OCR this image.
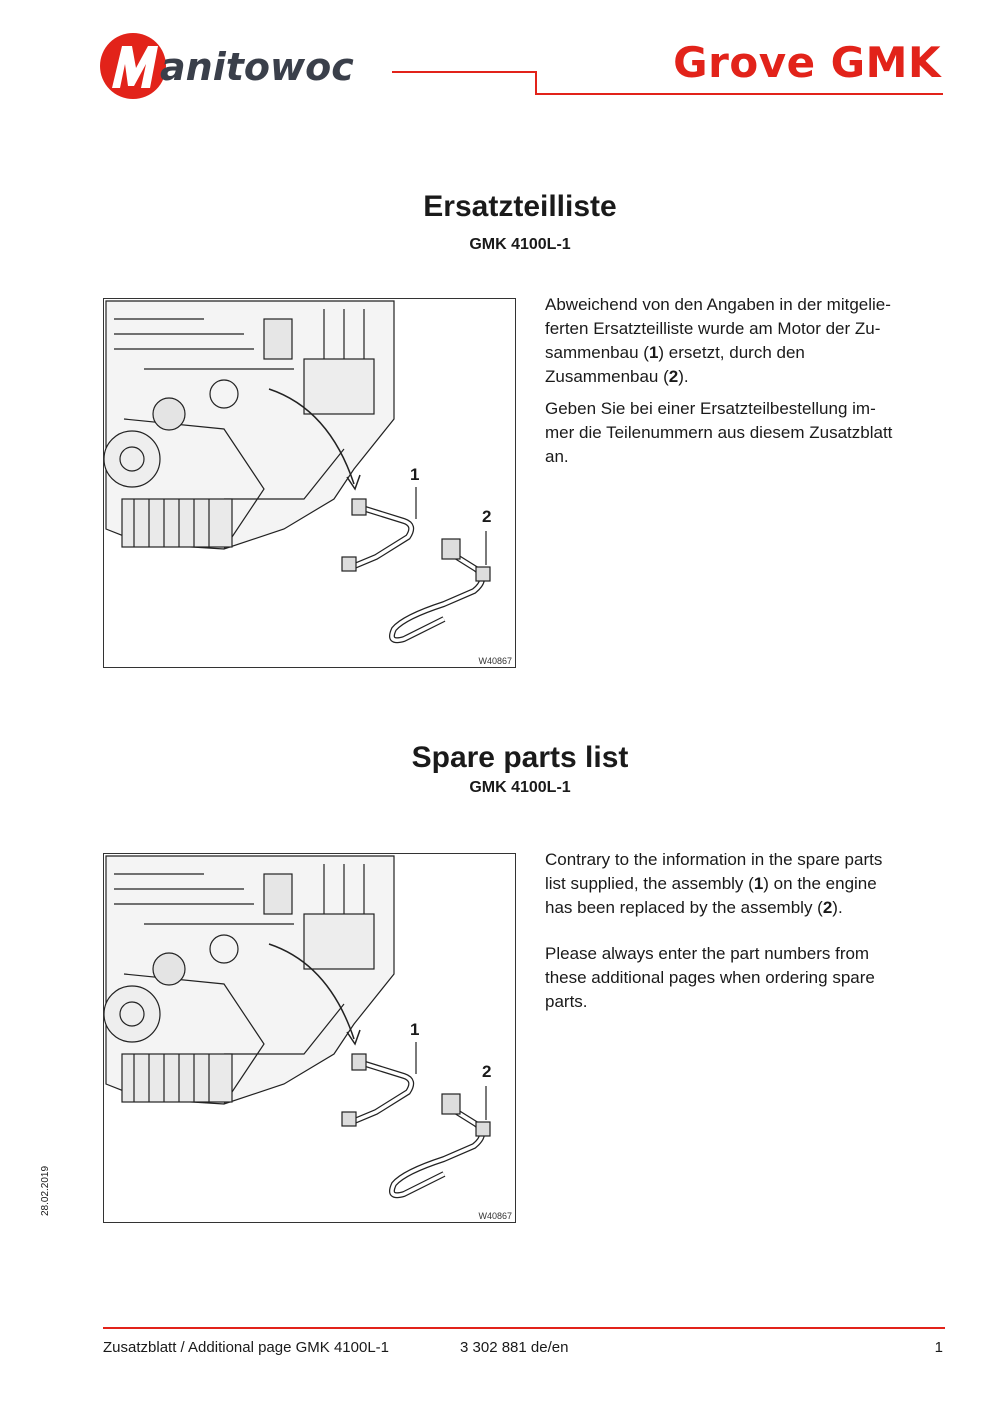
anitowoc	Grove GMK
Ersatzteilliste
GMK 4100L-1
1
2
W40867

Abweichend von den Angaben in der mitgelie-
ferten Ersatzteilliste wurde am Motor der Zu-
sammenbau (1) ersetzt, durch den
Zusammenbau (2).

Geben Sie bei einer Ersatzteilbestellung im-
mer die Teilenummern aus diesem Zusatzblatt
an.

Spare parts list
GMK 4100L-1
1
2
W40867

Contrary to the information in the spare parts
list supplied, the assembly (1) on the engine
has been replaced by the assembly (2).

Please always enter the part numbers from
these additional pages when ordering spare
parts.

28.02.2019
Zusatzblatt / Additional page GMK 4100L-1	3 302 881 de/en	1
